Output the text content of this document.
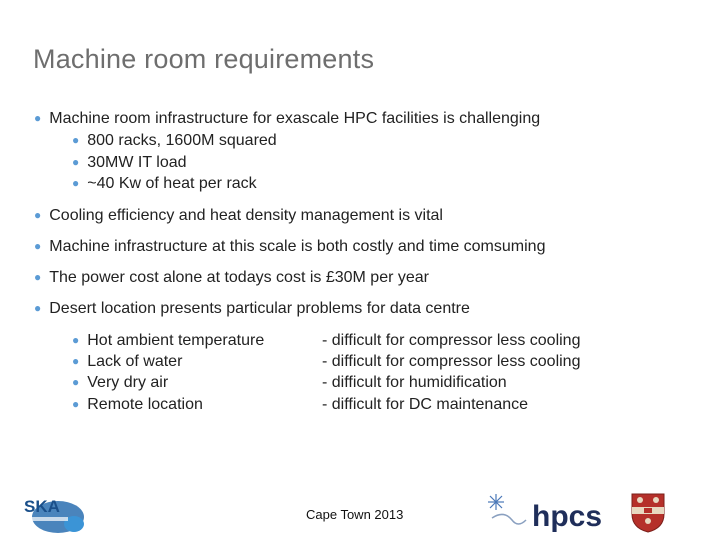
Machine room requirements
● Machine room infrastructure for exascale HPC facilities is challenging
● 800 racks, 1600M squared
● 30MW IT load
● ~40 Kw of heat per rack
● Cooling efficiency and heat density management is vital
● Machine infrastructure at this scale is both costly and time comsuming
● The power cost alone at todays cost is £30M per year
● Desert location presents particular problems for data centre
● Hot ambient temperature	- difficult for compressor less cooling
● Lack of water	- difficult for compressor less cooling
● Very dry air	- difficult for humidification
● Remote location	- difficult for DC maintenance
Cape Town 2013
SKA	hpcs
